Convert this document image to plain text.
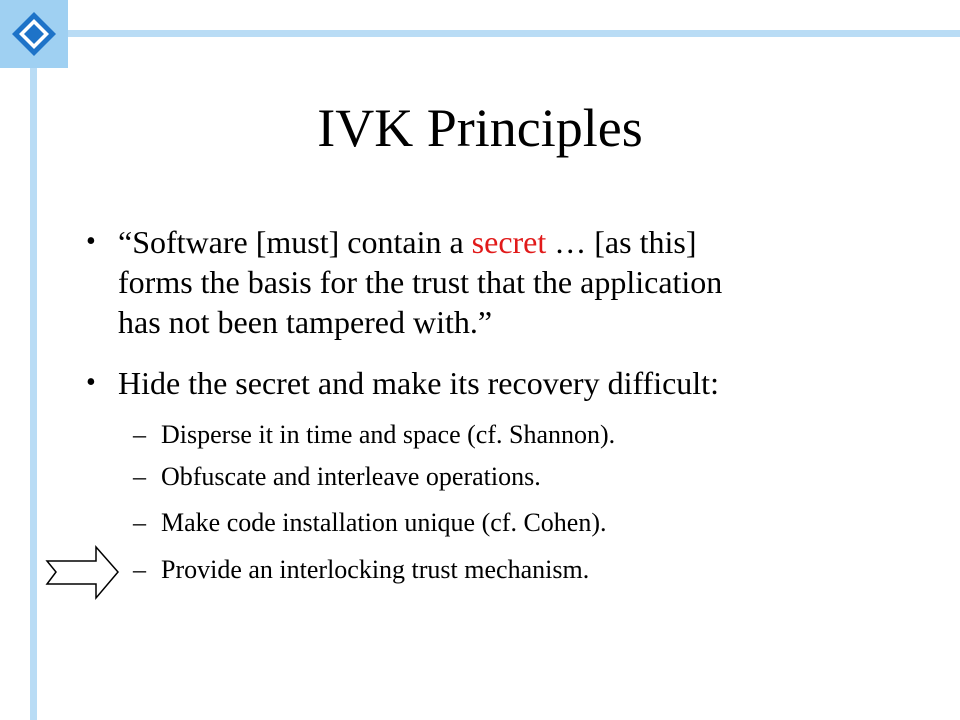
IVK Principles
• “Software [must] contain a secret … [as this]
forms the basis for the trust that the application
has not been tampered with.”
• Hide the secret and make its recovery difficult:
– Disperse it in time and space (cf. Shannon).
– Obfuscate and interleave operations.
– Make code installation unique (cf. Cohen).
– Provide an interlocking trust mechanism.
